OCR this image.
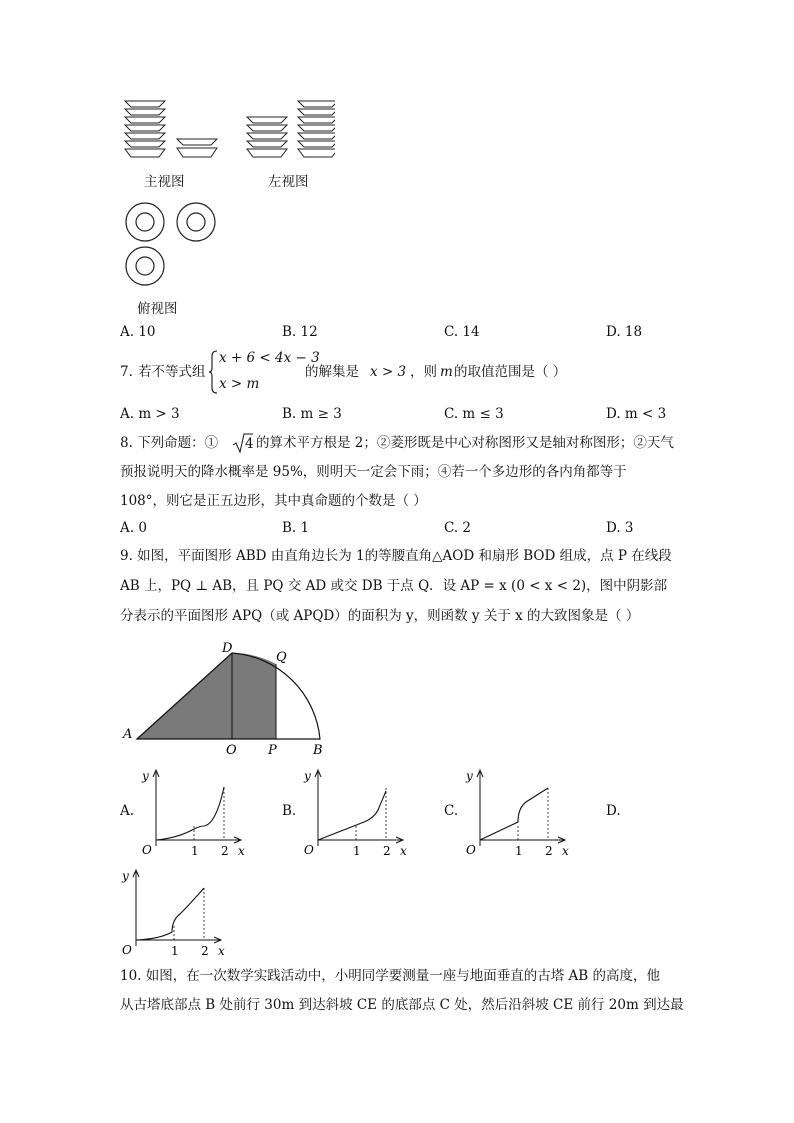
主视图	左视图
俯视图
A. 10	B. 12	C. 14	D. 18
7. 若不等式组
x + 6 < 4x − 3
x > m
的解集是 x > 3 ，则 m 的取值范围是（ ）
A. m > 3	B. m ≥ 3	C. m ≤ 3	D. m < 3
8. 下列命题：① 4 的算术平方根是 2；②菱形既是中心对称图形又是轴对称图形；②天气
预报说明天的降水概率是 95%，则明天一定会下雨；④若一个多边形的各内角都等于
108°，则它是正五边形，其中真命题的个数是（ ）
A. 0	B. 1	C. 2	D. 3
9. 如图，平面图形 ABD 由直角边长为 1的等腰直角△AOD 和扇形 BOD 组成，点 P 在线段
AB 上，PQ ⊥ AB，且 PQ 交 AD 或交 DB 于点 Q．设 AP = x (0 < x < 2)，图中阴影部
分表示的平面图形 APQ（或 APQD）的面积为 y，则函数 y 关于 x 的大致图象是（ ）
A
O P	B
D
Q
A.	B.	C.	D.
y
O	1 2 x
y
O	1 2 x
y
O	1 2 x
y
O	1 2 x
10. 如图，在一次数学实践活动中，小明同学要测量一座与地面垂直的古塔 AB 的高度，他
从古塔底部点 B 处前行 30m 到达斜坡 CE 的底部点 C 处，然后沿斜坡 CE 前行 20m 到达最
